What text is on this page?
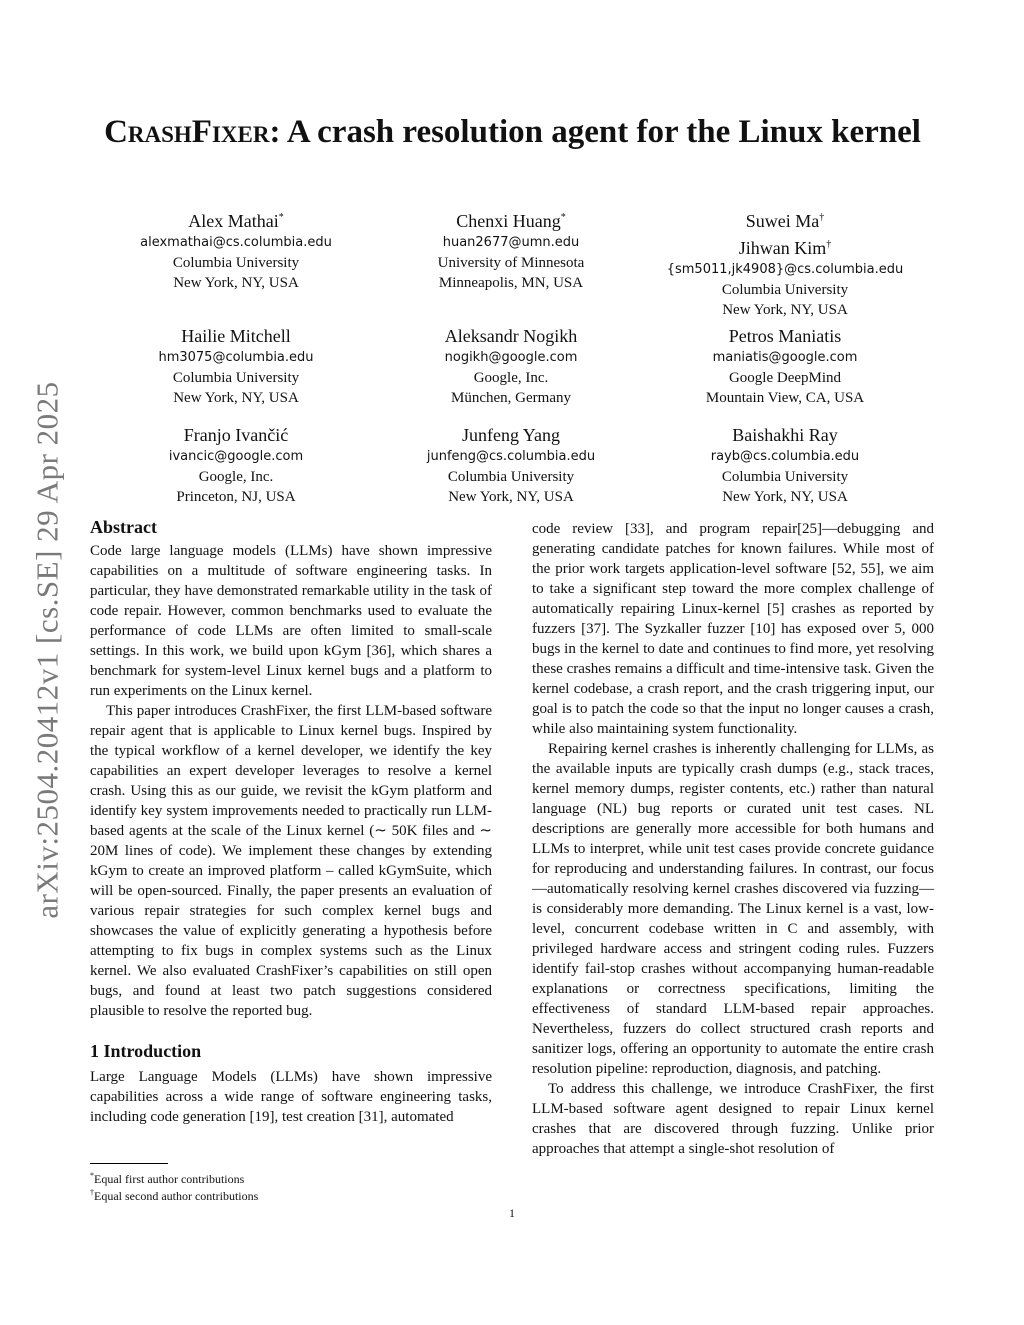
arXiv:2504.20412v1 [cs.SE] 29 Apr 2025
CrashFixer: A crash resolution agent for the Linux kernel
Alex Mathai*
alexmathai@cs.columbia.edu
Columbia University
New York, NY, USA
Chenxi Huang*
huan2677@umn.edu
University of Minnesota
Minneapolis, MN, USA
Suwei Ma†
Jihwan Kim†
{sm5011,jk4908}@cs.columbia.edu
Columbia University
New York, NY, USA
Hailie Mitchell
hm3075@columbia.edu
Columbia University
New York, NY, USA
Aleksandr Nogikh
nogikh@google.com
Google, Inc.
München, Germany
Petros Maniatis
maniatis@google.com
Google DeepMind
Mountain View, CA, USA
Franjo Ivančić
ivancic@google.com
Google, Inc.
Princeton, NJ, USA
Junfeng Yang
junfeng@cs.columbia.edu
Columbia University
New York, NY, USA
Baishakhi Ray
rayb@cs.columbia.edu
Columbia University
New York, NY, USA
Abstract

Code large language models (LLMs) have shown impressive capabilities on a multitude of software engineering tasks. In particular, they have demonstrated remarkable utility in the task of code repair. However, common benchmarks used to evaluate the performance of code LLMs are often limited to small-scale settings. In this work, we build upon kGym [36], which shares a benchmark for system-level Linux kernel bugs and a platform to run experiments on the Linux kernel.

This paper introduces CrashFixer, the first LLM-based software repair agent that is applicable to Linux kernel bugs. Inspired by the typical workflow of a kernel developer, we identify the key capabilities an expert developer leverages to resolve a kernel crash. Using this as our guide, we revisit the kGym platform and identify key system improvements needed to practically run LLM-based agents at the scale of the Linux kernel (∼ 50K files and ∼ 20M lines of code). We implement these changes by extending kGym to create an improved platform – called kGymSuite, which will be open-sourced. Finally, the paper presents an evaluation of various repair strategies for such complex kernel bugs and showcases the value of explicitly generating a hypothesis before attempting to fix bugs in complex systems such as the Linux kernel. We also evaluated CrashFixer’s capabilities on still open bugs, and found at least two patch suggestions considered plausible to resolve the reported bug.

1 Introduction

Large Language Models (LLMs) have shown impressive capabilities across a wide range of software engineering tasks, including code generation [19], test creation [31], automated

code review [33], and program repair[25]—debugging and generating candidate patches for known failures. While most of the prior work targets application-level software [52, 55], we aim to take a significant step toward the more complex challenge of automatically repairing Linux-kernel [5] crashes as reported by fuzzers [37]. The Syzkaller fuzzer [10] has exposed over 5, 000 bugs in the kernel to date and continues to find more, yet resolving these crashes remains a difficult and time-intensive task. Given the kernel codebase, a crash report, and the crash triggering input, our goal is to patch the code so that the input no longer causes a crash, while also maintaining system functionality.

Repairing kernel crashes is inherently challenging for LLMs, as the available inputs are typically crash dumps (e.g., stack traces, kernel memory dumps, register contents, etc.) rather than natural language (NL) bug reports or curated unit test cases. NL descriptions are generally more accessible for both humans and LLMs to interpret, while unit test cases provide concrete guidance for reproducing and understanding failures. In contrast, our focus—automatically resolving kernel crashes discovered via fuzzing—is considerably more demanding. The Linux kernel is a vast, low-level, concurrent codebase written in C and assembly, with privileged hardware access and stringent coding rules. Fuzzers identify fail-stop crashes without accompanying human-readable explanations or correctness specifications, limiting the effectiveness of standard LLM-based repair approaches. Nevertheless, fuzzers do collect structured crash reports and sanitizer logs, offering an opportunity to automate the entire crash resolution pipeline: reproduction, diagnosis, and patching.

To address this challenge, we introduce CrashFixer, the first LLM-based software agent designed to repair Linux kernel crashes that are discovered through fuzzing. Unlike prior approaches that attempt a single-shot resolution of

*Equal first author contributions
†Equal second author contributions
1
